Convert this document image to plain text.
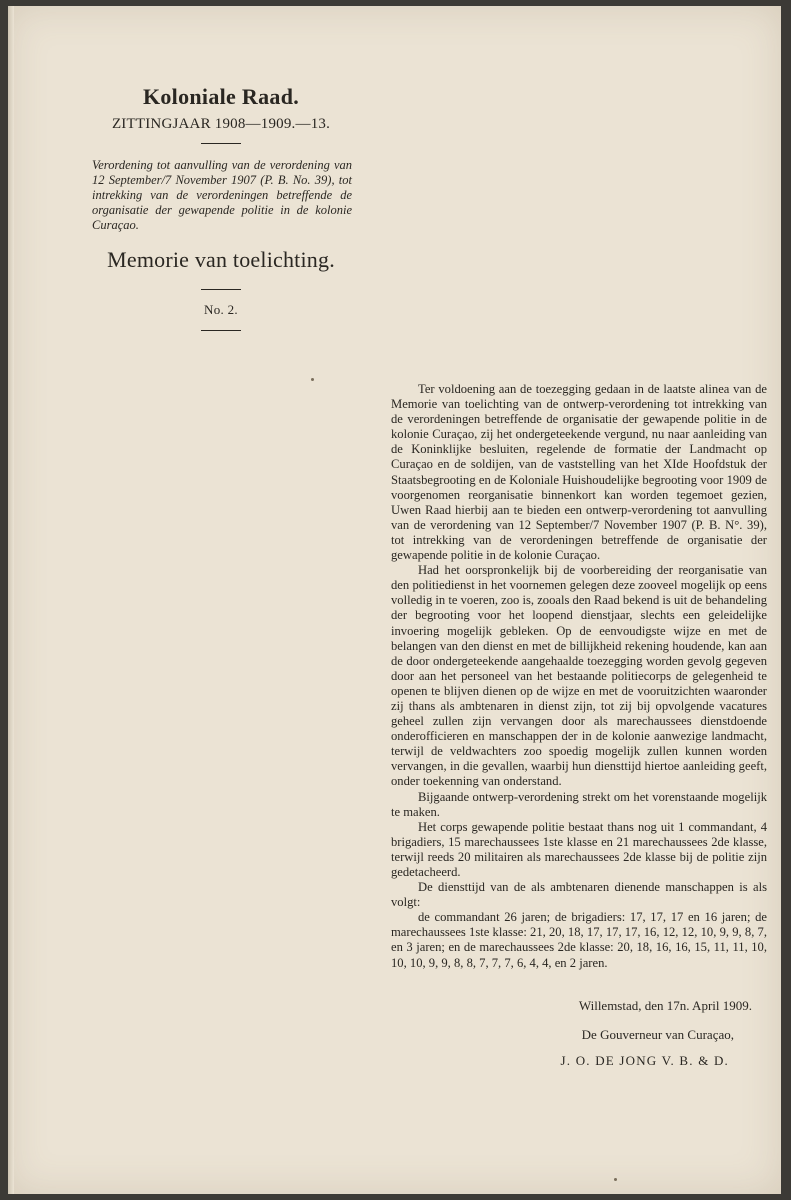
Koloniale Raad.
ZITTINGJAAR 1908—1909.—13.

Verordening tot aanvulling van de verordening van 12 September/7 November 1907 (P. B. No. 39), tot intrekking van de verordeningen betreffende de organisatie der gewapende politie in de kolonie Curaçao.

Memorie van toelichting.
No. 2.

Ter voldoening aan de toezegging gedaan in de laatste alinea van de Memorie van toelichting van de ontwerp-verordening tot intrekking van de verordeningen betreffende de organisatie der gewapende politie in de kolonie Curaçao, zij het ondergeteekende vergund, nu naar aanleiding van de Koninklijke besluiten, regelende de formatie der Landmacht op Curaçao en de soldijen, van de vaststelling van het XIde Hoofdstuk der Staatsbegrooting en de Koloniale Huishoudelijke begrooting voor 1909 de voorgenomen reorganisatie binnenkort kan worden tegemoet gezien, Uwen Raad hierbij aan te bieden een ontwerp-verordening tot aanvulling van de verordening van 12 September/7 November 1907 (P. B. N°. 39), tot intrekking van de verordeningen betreffende de organisatie der gewapende politie in de kolonie Curaçao.

Had het oorspronkelijk bij de voorbereiding der reorganisatie van den politiedienst in het voornemen gelegen deze zooveel mogelijk op eens volledig in te voeren, zoo is, zooals den Raad bekend is uit de behandeling der begrooting voor het loopend dienstjaar, slechts een geleidelijke invoering mogelijk gebleken. Op de eenvoudigste wijze en met de belangen van den dienst en met de billijkheid rekening houdende, kan aan de door ondergeteekende aangehaalde toezegging worden gevolg gegeven door aan het personeel van het bestaande politiecorps de gelegenheid te openen te blijven dienen op de wijze en met de vooruitzichten waaronder zij thans als ambtenaren in dienst zijn, tot zij bij opvolgende vacatures geheel zullen zijn vervangen door als marechaussees dienstdoende onderofficieren en manschappen der in de kolonie aanwezige landmacht, terwijl de veldwachters zoo spoedig mogelijk zullen kunnen worden vervangen, in die gevallen, waarbij hun diensttijd hiertoe aanleiding geeft, onder toekenning van onderstand.

Bijgaande ontwerp-verordening strekt om het vorenstaande mogelijk te maken.

Het corps gewapende politie bestaat thans nog uit 1 commandant, 4 brigadiers, 15 marechaussees 1ste klasse en 21 marechaussees 2de klasse, terwijl reeds 20 militairen als marechaussees 2de klasse bij de politie zijn gedetacheerd.

De diensttijd van de als ambtenaren dienende manschappen is als volgt:

de commandant 26 jaren; de brigadiers: 17, 17, 17 en 16 jaren; de marechaussees 1ste klasse: 21, 20, 18, 17, 17, 17, 16, 12, 12, 10, 9, 9, 8, 7, en 3 jaren; en de marechaussees 2de klasse: 20, 18, 16, 16, 15, 11, 11, 10, 10, 10, 9, 9, 8, 8, 7, 7, 7, 6, 4, 4, en 2 jaren.

Willemstad, den 17n. April 1909.
De Gouverneur van Curaçao,
J. O. DE JONG V. B. & D.
